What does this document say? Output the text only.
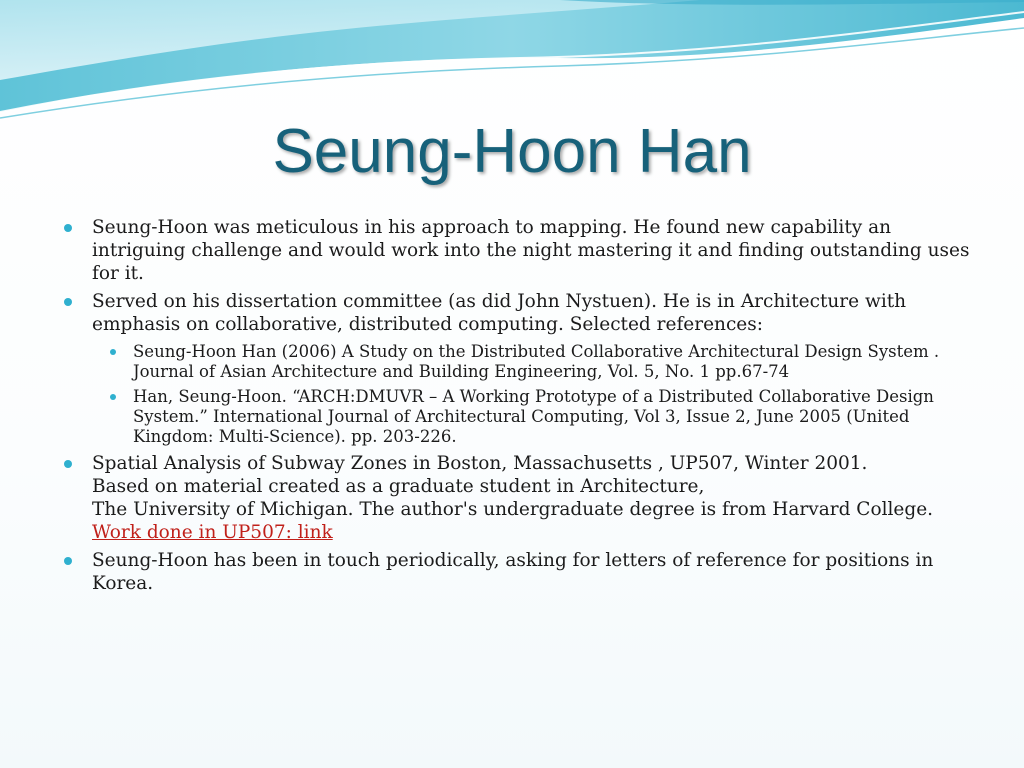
Seung-Hoon Han
Seung-Hoon was meticulous in his approach to mapping. He found new capability an intriguing challenge and would work into the night mastering it and finding outstanding uses for it.
Served on his dissertation committee (as did John Nystuen). He is in Architecture with emphasis on collaborative, distributed computing. Selected references:
Seung-Hoon Han (2006) A Study on the Distributed Collaborative Architectural Design System . Journal of Asian Architecture and Building Engineering, Vol. 5, No. 1 pp.67-74
Han, Seung-Hoon. “ARCH:DMUVR – A Working Prototype of a Distributed Collaborative Design System.” International Journal of Architectural Computing, Vol 3, Issue 2, June 2005 (United Kingdom: Multi-Science). pp. 203-226.
Spatial Analysis of Subway Zones in Boston, Massachusetts , UP507, Winter 2001.
Based on material created as a graduate student in Architecture,
The University of Michigan. The author's undergraduate degree is from Harvard College.
Work done in UP507: link
Seung-Hoon has been in touch periodically, asking for letters of reference for positions in Korea.
